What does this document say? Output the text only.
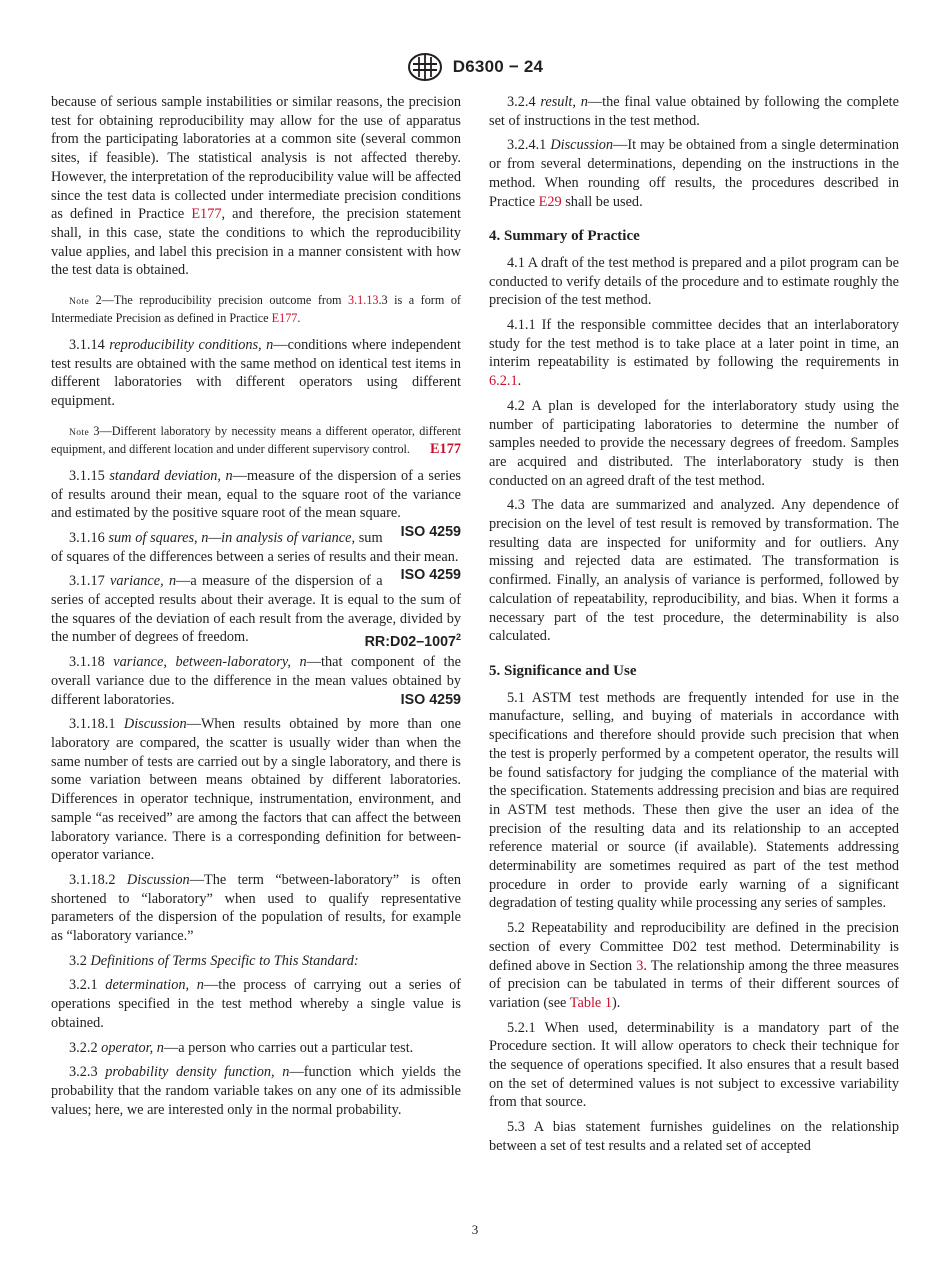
D6300 − 24

because of serious sample instabilities or similar reasons, the precision test for obtaining reproducibility may allow for the use of apparatus from the participating laboratories at a common site (several common sites, if feasible). The statistical analysis is not affected thereby. However, the interpretation of the reproducibility value will be affected since the test data is collected under intermediate precision conditions as defined in Practice E177, and therefore, the precision statement shall, in this case, state the conditions to which the reproducibility value applies, and label this precision in a manner consistent with how the test data is obtained.

Note 2—The reproducibility precision outcome from 3.1.13.3 is a form of Intermediate Precision as defined in Practice E177.

3.1.14 reproducibility conditions, n—conditions where independent test results are obtained with the same method on identical test items in different laboratories with different operators using different equipment.

Note 3—Different laboratory by necessity means a different operator, different equipment, and different location and under different supervisory control.	E177

3.1.15 standard deviation, n—measure of the dispersion of a series of results around their mean, equal to the square root of the variance and estimated by the positive square root of the mean square.
ISO 4259

3.1.16 sum of squares, n—in analysis of variance, sum of squares of the differences between a series of results and their mean.
ISO 4259

3.1.17 variance, n—a measure of the dispersion of a series of accepted results about their average. It is equal to the sum of the squares of the deviation of each result from the average, divided by the number of degrees of freedom.	RR:D02–1007$^2$

3.1.18 variance, between-laboratory, n—that component of the overall variance due to the difference in the mean values obtained by different laboratories.	ISO 4259

3.1.18.1 Discussion—When results obtained by more than one laboratory are compared, the scatter is usually wider than when the same number of tests are carried out by a single laboratory, and there is some variation between means obtained by different laboratories. Differences in operator technique, instrumentation, environment, and sample “as received” are among the factors that can affect the between laboratory variance. There is a corresponding definition for between-operator variance.

3.1.18.2 Discussion—The term “between-laboratory” is often shortened to “laboratory” when used to qualify representative parameters of the dispersion of the population of results, for example as “laboratory variance.”

3.2 Definitions of Terms Specific to This Standard:

3.2.1 determination, n—the process of carrying out a series of operations specified in the test method whereby a single value is obtained.

3.2.2 operator, n—a person who carries out a particular test.

3.2.3 probability density function, n—function which yields the probability that the random variable takes on any one of its admissible values; here, we are interested only in the normal probability.

3.2.4 result, n—the final value obtained by following the complete set of instructions in the test method.

3.2.4.1 Discussion—It may be obtained from a single determination or from several determinations, depending on the instructions in the method. When rounding off results, the procedures described in Practice E29 shall be used.

4. Summary of Practice

4.1 A draft of the test method is prepared and a pilot program can be conducted to verify details of the procedure and to estimate roughly the precision of the test method.

4.1.1 If the responsible committee decides that an interlaboratory study for the test method is to take place at a later point in time, an interim repeatability is estimated by following the requirements in 6.2.1.

4.2 A plan is developed for the interlaboratory study using the number of participating laboratories to determine the number of samples needed to provide the necessary degrees of freedom. Samples are acquired and distributed. The interlaboratory study is then conducted on an agreed draft of the test method.

4.3 The data are summarized and analyzed. Any dependence of precision on the level of test result is removed by transformation. The resulting data are inspected for uniformity and for outliers. Any missing and rejected data are estimated. The transformation is confirmed. Finally, an analysis of variance is performed, followed by calculation of repeatability, reproducibility, and bias. When it forms a necessary part of the test procedure, the determinability is also calculated.

5. Significance and Use

5.1 ASTM test methods are frequently intended for use in the manufacture, selling, and buying of materials in accordance with specifications and therefore should provide such precision that when the test is properly performed by a competent operator, the results will be found satisfactory for judging the compliance of the material with the specification. Statements addressing precision and bias are required in ASTM test methods. These then give the user an idea of the precision of the resulting data and its relationship to an accepted reference material or source (if available). Statements addressing determinability are sometimes required as part of the test method procedure in order to provide early warning of a significant degradation of testing quality while processing any series of samples.

5.2 Repeatability and reproducibility are defined in the precision section of every Committee D02 test method. Determinability is defined above in Section 3. The relationship among the three measures of precision can be tabulated in terms of their different sources of variation (see Table 1).

5.2.1 When used, determinability is a mandatory part of the Procedure section. It will allow operators to check their technique for the sequence of operations specified. It also ensures that a result based on the set of determined values is not subject to excessive variability from that source.

5.3 A bias statement furnishes guidelines on the relationship between a set of test results and a related set of accepted

3
